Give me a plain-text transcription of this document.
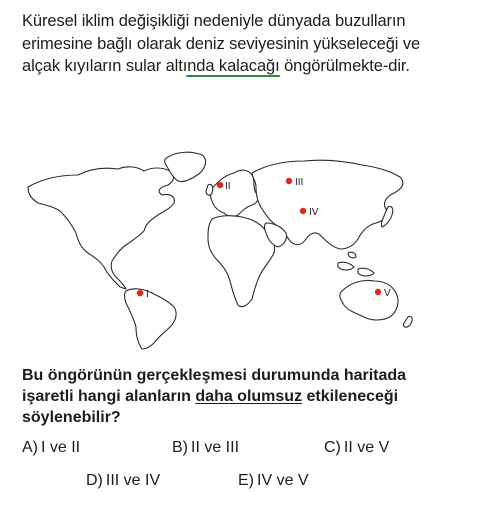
Küresel iklim değişikliği nedeniyle dünyada buzulların erimesine bağlı olarak deniz seviyesinin yükseleceği ve alçak kıyıların sular altında kalacağı öngörülmekte-dir.
I
II	III
IV
V
Bu öngörünün gerçekleşmesi durumunda haritada işaretli hangi alanların daha olumsuz etkileneceği söylenebilir?
A) I ve II	B) II ve III	C) II ve V
D) III ve IV	E) IV ve V
